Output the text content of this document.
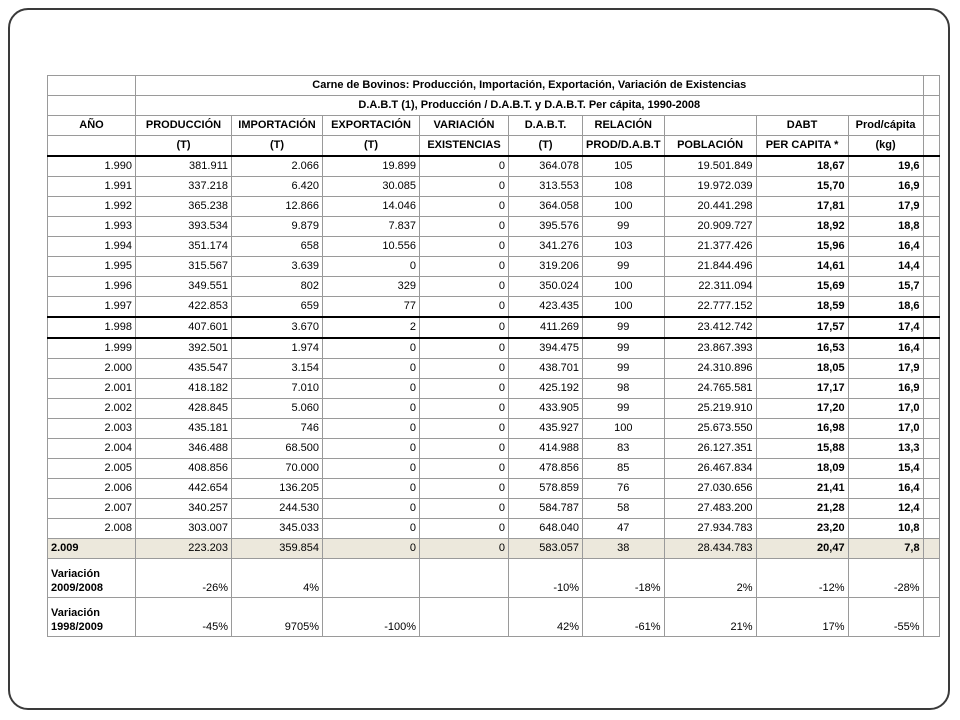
	Carne de Bovinos: Producción, Importación, Exportación, Variación de Existencias									
	D.A.B.T (1), Producción / D.A.B.T. y D.A.B.T. Per cápita, 1990-2008									
AÑO	PRODUCCIÓN	IMPORTACIÓN	EXPORTACIÓN	VARIACIÓN	D.A.B.T.	RELACIÓN		DABT	Prod/cápita	
	(T)	(T)	(T)	EXISTENCIAS	(T)	PROD/D.A.B.T	POBLACIÓN	PER CAPITA *	(kg)	
1.990	381.911	2.066	19.899	0	364.078	105	19.501.849	18,67	19,6	
1.991	337.218	6.420	30.085	0	313.553	108	19.972.039	15,70	16,9	
1.992	365.238	12.866	14.046	0	364.058	100	20.441.298	17,81	17,9	
1.993	393.534	9.879	7.837	0	395.576	99	20.909.727	18,92	18,8	
1.994	351.174	658	10.556	0	341.276	103	21.377.426	15,96	16,4	
1.995	315.567	3.639	0	0	319.206	99	21.844.496	14,61	14,4	
1.996	349.551	802	329	0	350.024	100	22.311.094	15,69	15,7	
1.997	422.853	659	77	0	423.435	100	22.777.152	18,59	18,6	
1.998	407.601	3.670	2	0	411.269	99	23.412.742	17,57	17,4	
1.999	392.501	1.974	0	0	394.475	99	23.867.393	16,53	16,4	
2.000	435.547	3.154	0	0	438.701	99	24.310.896	18,05	17,9	
2.001	418.182	7.010	0	0	425.192	98	24.765.581	17,17	16,9	
2.002	428.845	5.060	0	0	433.905	99	25.219.910	17,20	17,0	
2.003	435.181	746	0	0	435.927	100	25.673.550	16,98	17,0	
2.004	346.488	68.500	0	0	414.988	83	26.127.351	15,88	13,3	
2.005	408.856	70.000	0	0	478.856	85	26.467.834	18,09	15,4	
2.006	442.654	136.205	0	0	578.859	76	27.030.656	21,41	16,4	
2.007	340.257	244.530	0	0	584.787	58	27.483.200	21,28	12,4	
2.008	303.007	345.033	0	0	648.040	47	27.934.783	23,20	10,8	
2.009	223.203	359.854	0	0	583.057	38	28.434.783	20,47	7,8	
Variación 2009/2008	-26%	4%			-10%	-18%	2%	-12%	-28%	
Variación 1998/2009	-45%	9705%	-100%		42%	-61%	21%	17%	-55%	
